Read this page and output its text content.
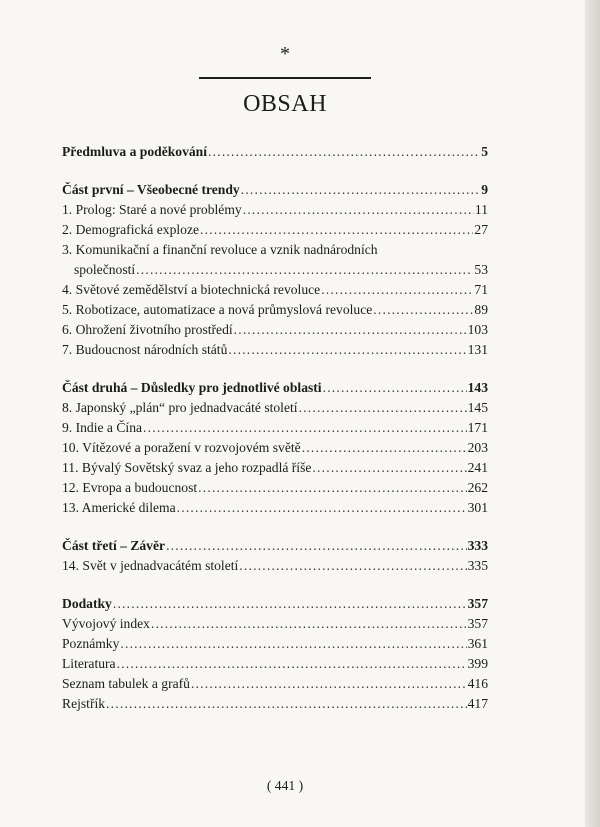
*
OBSAH
Předmluva a poděkování .....	5
Část první – Všeobecné trendy .....	9
1. Prolog: Staré a nové problémy .....	11
2. Demografická exploze .....	27
3. Komunikační a finanční revoluce a vznik nadnárodních
společností .....	53
4. Světové zemědělství a biotechnická revoluce .....	71
5. Robotizace, automatizace a nová průmyslová revoluce .....	89
6. Ohrožení životního prostředí .....	103
7. Budoucnost národních států .....	131
Část druhá – Důsledky pro jednotlivé oblasti .....	143
8. Japonský „plán“ pro jednadvacáté století .....	145
9. Indie a Čína .....	171
10. Vítězové a poražení v rozvojovém světě .....	203
11. Bývalý Sovětský svaz a jeho rozpadlá říše .....	241
12. Evropa a budoucnost .....	262
13. Americké dilema .....	301
Část třetí – Závěr .....	333
14. Svět v jednadvacátém století .....	335
Dodatky .....	357
Vývojový index .....	357
Poznámky .....	361
Literatura .....	399
Seznam tabulek a grafů .....	416
Rejstřík .....	417
( 441 )
